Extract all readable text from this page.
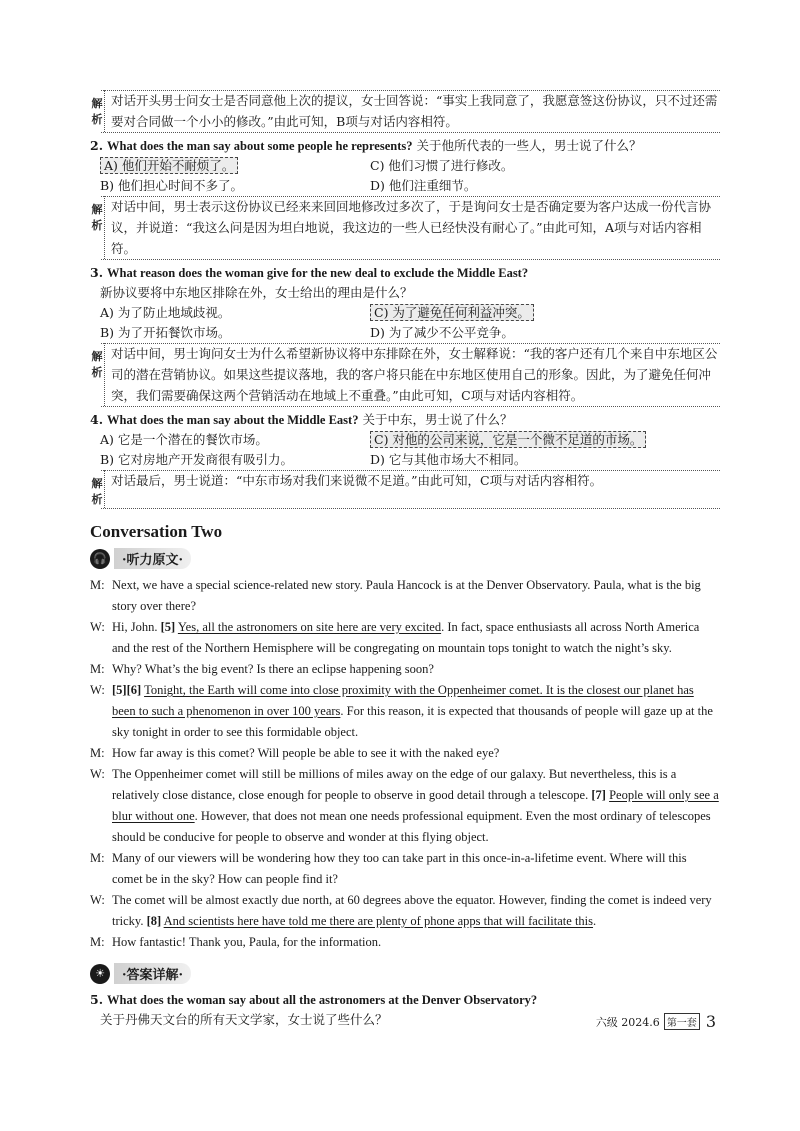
解析
对话开头男士问女士是否同意他上次的提议，女士回答说：“事实上我同意了，我愿意签这份协议，只不过还需要对合同做一个小小的修改。”由此可知，B项与对话内容相符。
2. What does the man say about some people he represents? 关于他所代表的一些人，男士说了什么？
A) 他们开始不耐烦了。	C) 他们习惯了进行修改。
B) 他们担心时间不多了。	D) 他们注重细节。
解析
对话中间，男士表示这份协议已经来来回回地修改过多次了，于是询问女士是否确定要为客户达成一份代言协议，并说道：“我这么问是因为坦白地说，我这边的一些人已经快没有耐心了。”由此可知，A项与对话内容相符。
3. What reason does the woman give for the new deal to exclude the Middle East?
新协议要将中东地区排除在外，女士给出的理由是什么？
A) 为了防止地域歧视。	C) 为了避免任何利益冲突。
B) 为了开拓餐饮市场。	D) 为了减少不公平竞争。
解析
对话中间，男士询问女士为什么希望新协议将中东排除在外，女士解释说：“我的客户还有几个来自中东地区公司的潜在营销协议。如果这些提议落地，我的客户将只能在中东地区使用自己的形象。因此，为了避免任何冲突，我们需要确保这两个营销活动在地域上不重叠。”由此可知，C项与对话内容相符。
4. What does the man say about the Middle East? 关于中东，男士说了什么？
A) 它是一个潜在的餐饮市场。	C) 对他的公司来说，它是一个微不足道的市场。
B) 它对房地产开发商很有吸引力。	D) 它与其他市场大不相同。
解析
对话最后，男士说道：“中东市场对我们来说微不足道。”由此可知，C项与对话内容相符。
Conversation Two
🎧	·听力原文·
M: Next, we have a special science-related new story. Paula Hancock is at the Denver Observatory. Paula, what is the big story over there?
W: Hi, John. [5] Yes, all the astronomers on site here are very excited. In fact, space enthusiasts all across North America and the rest of the Northern Hemisphere will be congregating on mountain tops tonight to watch the night’s sky.
M: Why? What’s the big event? Is there an eclipse happening soon?
W: [5][6] Tonight, the Earth will come into close proximity with the Oppenheimer comet. It is the closest our planet has been to such a phenomenon in over 100 years. For this reason, it is expected that thousands of people will gaze up at the sky tonight in order to see this formidable object.
M: How far away is this comet? Will people be able to see it with the naked eye?
W: The Oppenheimer comet will still be millions of miles away on the edge of our galaxy. But nevertheless, this is a relatively close distance, close enough for people to observe in good detail through a telescope. [7] People will only see a blur without one. However, that does not mean one needs professional equipment. Even the most ordinary of telescopes should be conducive for people to observe and wonder at this flying object.
M: Many of our viewers will be wondering how they too can take part in this once-in-a-lifetime event. Where will this comet be in the sky? How can people find it?
W: The comet will be almost exactly due north, at 60 degrees above the equator. However, finding the comet is indeed very tricky. [8] And scientists here have told me there are plenty of phone apps that will facilitate this.
M: How fantastic! Thank you, Paula, for the information.
☀	·答案详解·
5. What does the woman say about all the astronomers at the Denver Observatory?
关于丹佛天文台的所有天文学家，女士说了些什么？	六级 2024.6 第一套 3
